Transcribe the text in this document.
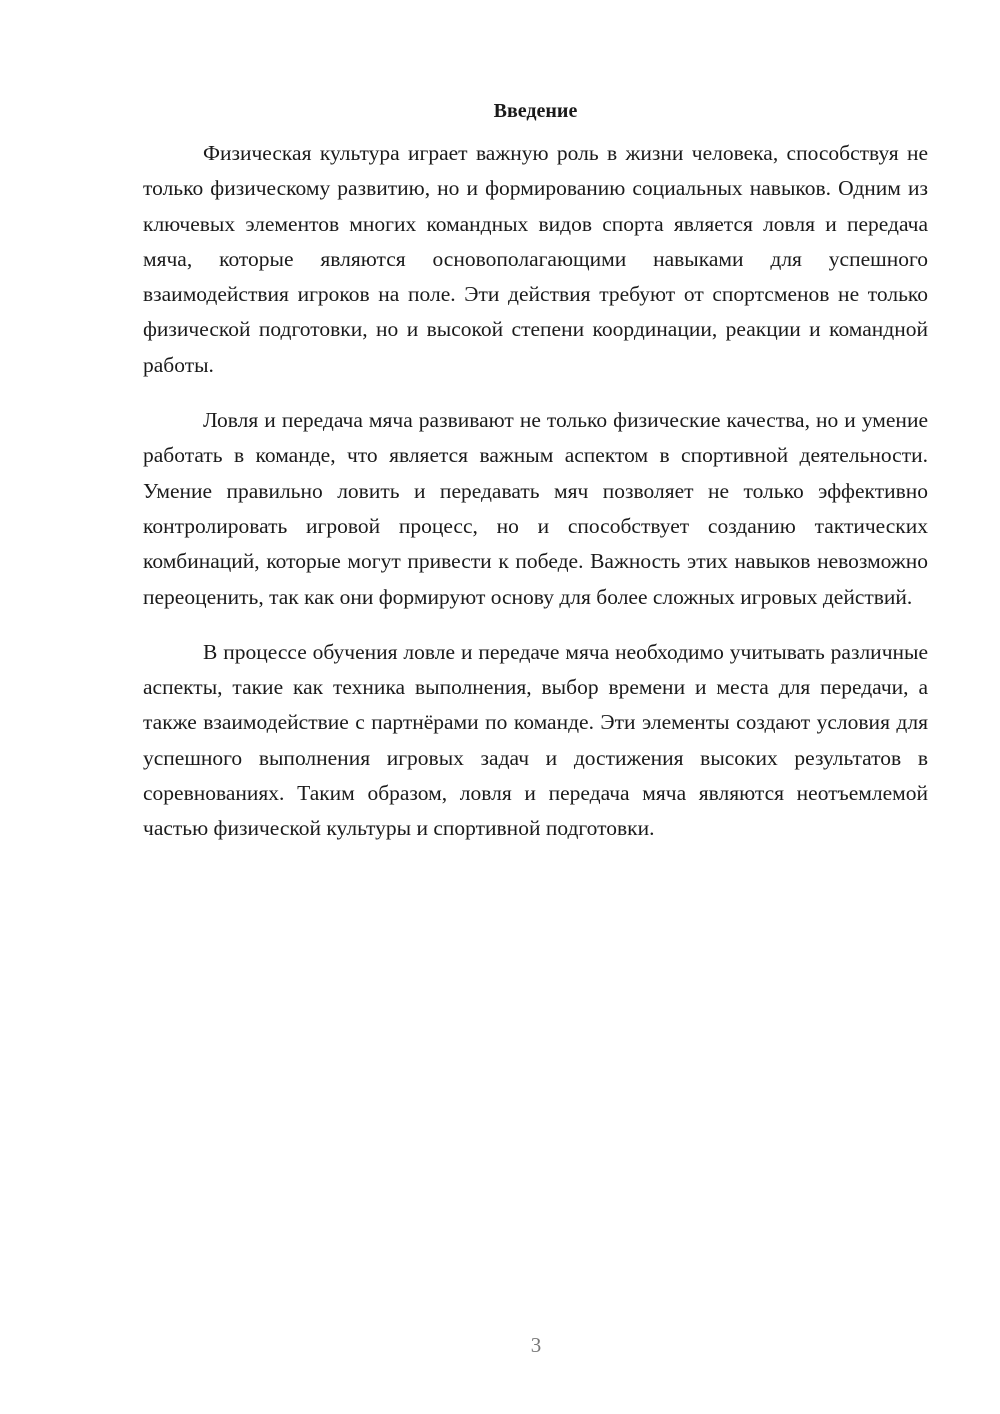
Введение

Физическая культура играет важную роль в жизни человека, способствуя не только физическому развитию, но и формированию социальных навыков. Одним из ключевых элементов многих командных видов спорта является ловля и передача мяча, которые являются основополагающими навыками для успешного взаимодействия игроков на поле. Эти действия требуют от спортсменов не только физической подготовки, но и высокой степени координации, реакции и командной работы.

Ловля и передача мяча развивают не только физические качества, но и умение работать в команде, что является важным аспектом в спортивной деятельности. Умение правильно ловить и передавать мяч позволяет не только эффективно контролировать игровой процесс, но и способствует созданию тактических комбинаций, которые могут привести к победе. Важность этих навыков невозможно переоценить, так как они формируют основу для более сложных игровых действий.

В процессе обучения ловле и передаче мяча необходимо учитывать различные аспекты, такие как техника выполнения, выбор времени и места для передачи, а также взаимодействие с партнёрами по команде. Эти элементы создают условия для успешного выполнения игровых задач и достижения высоких результатов в соревнованиях. Таким образом, ловля и передача мяча являются неотъемлемой частью физической культуры и спортивной подготовки.

3
